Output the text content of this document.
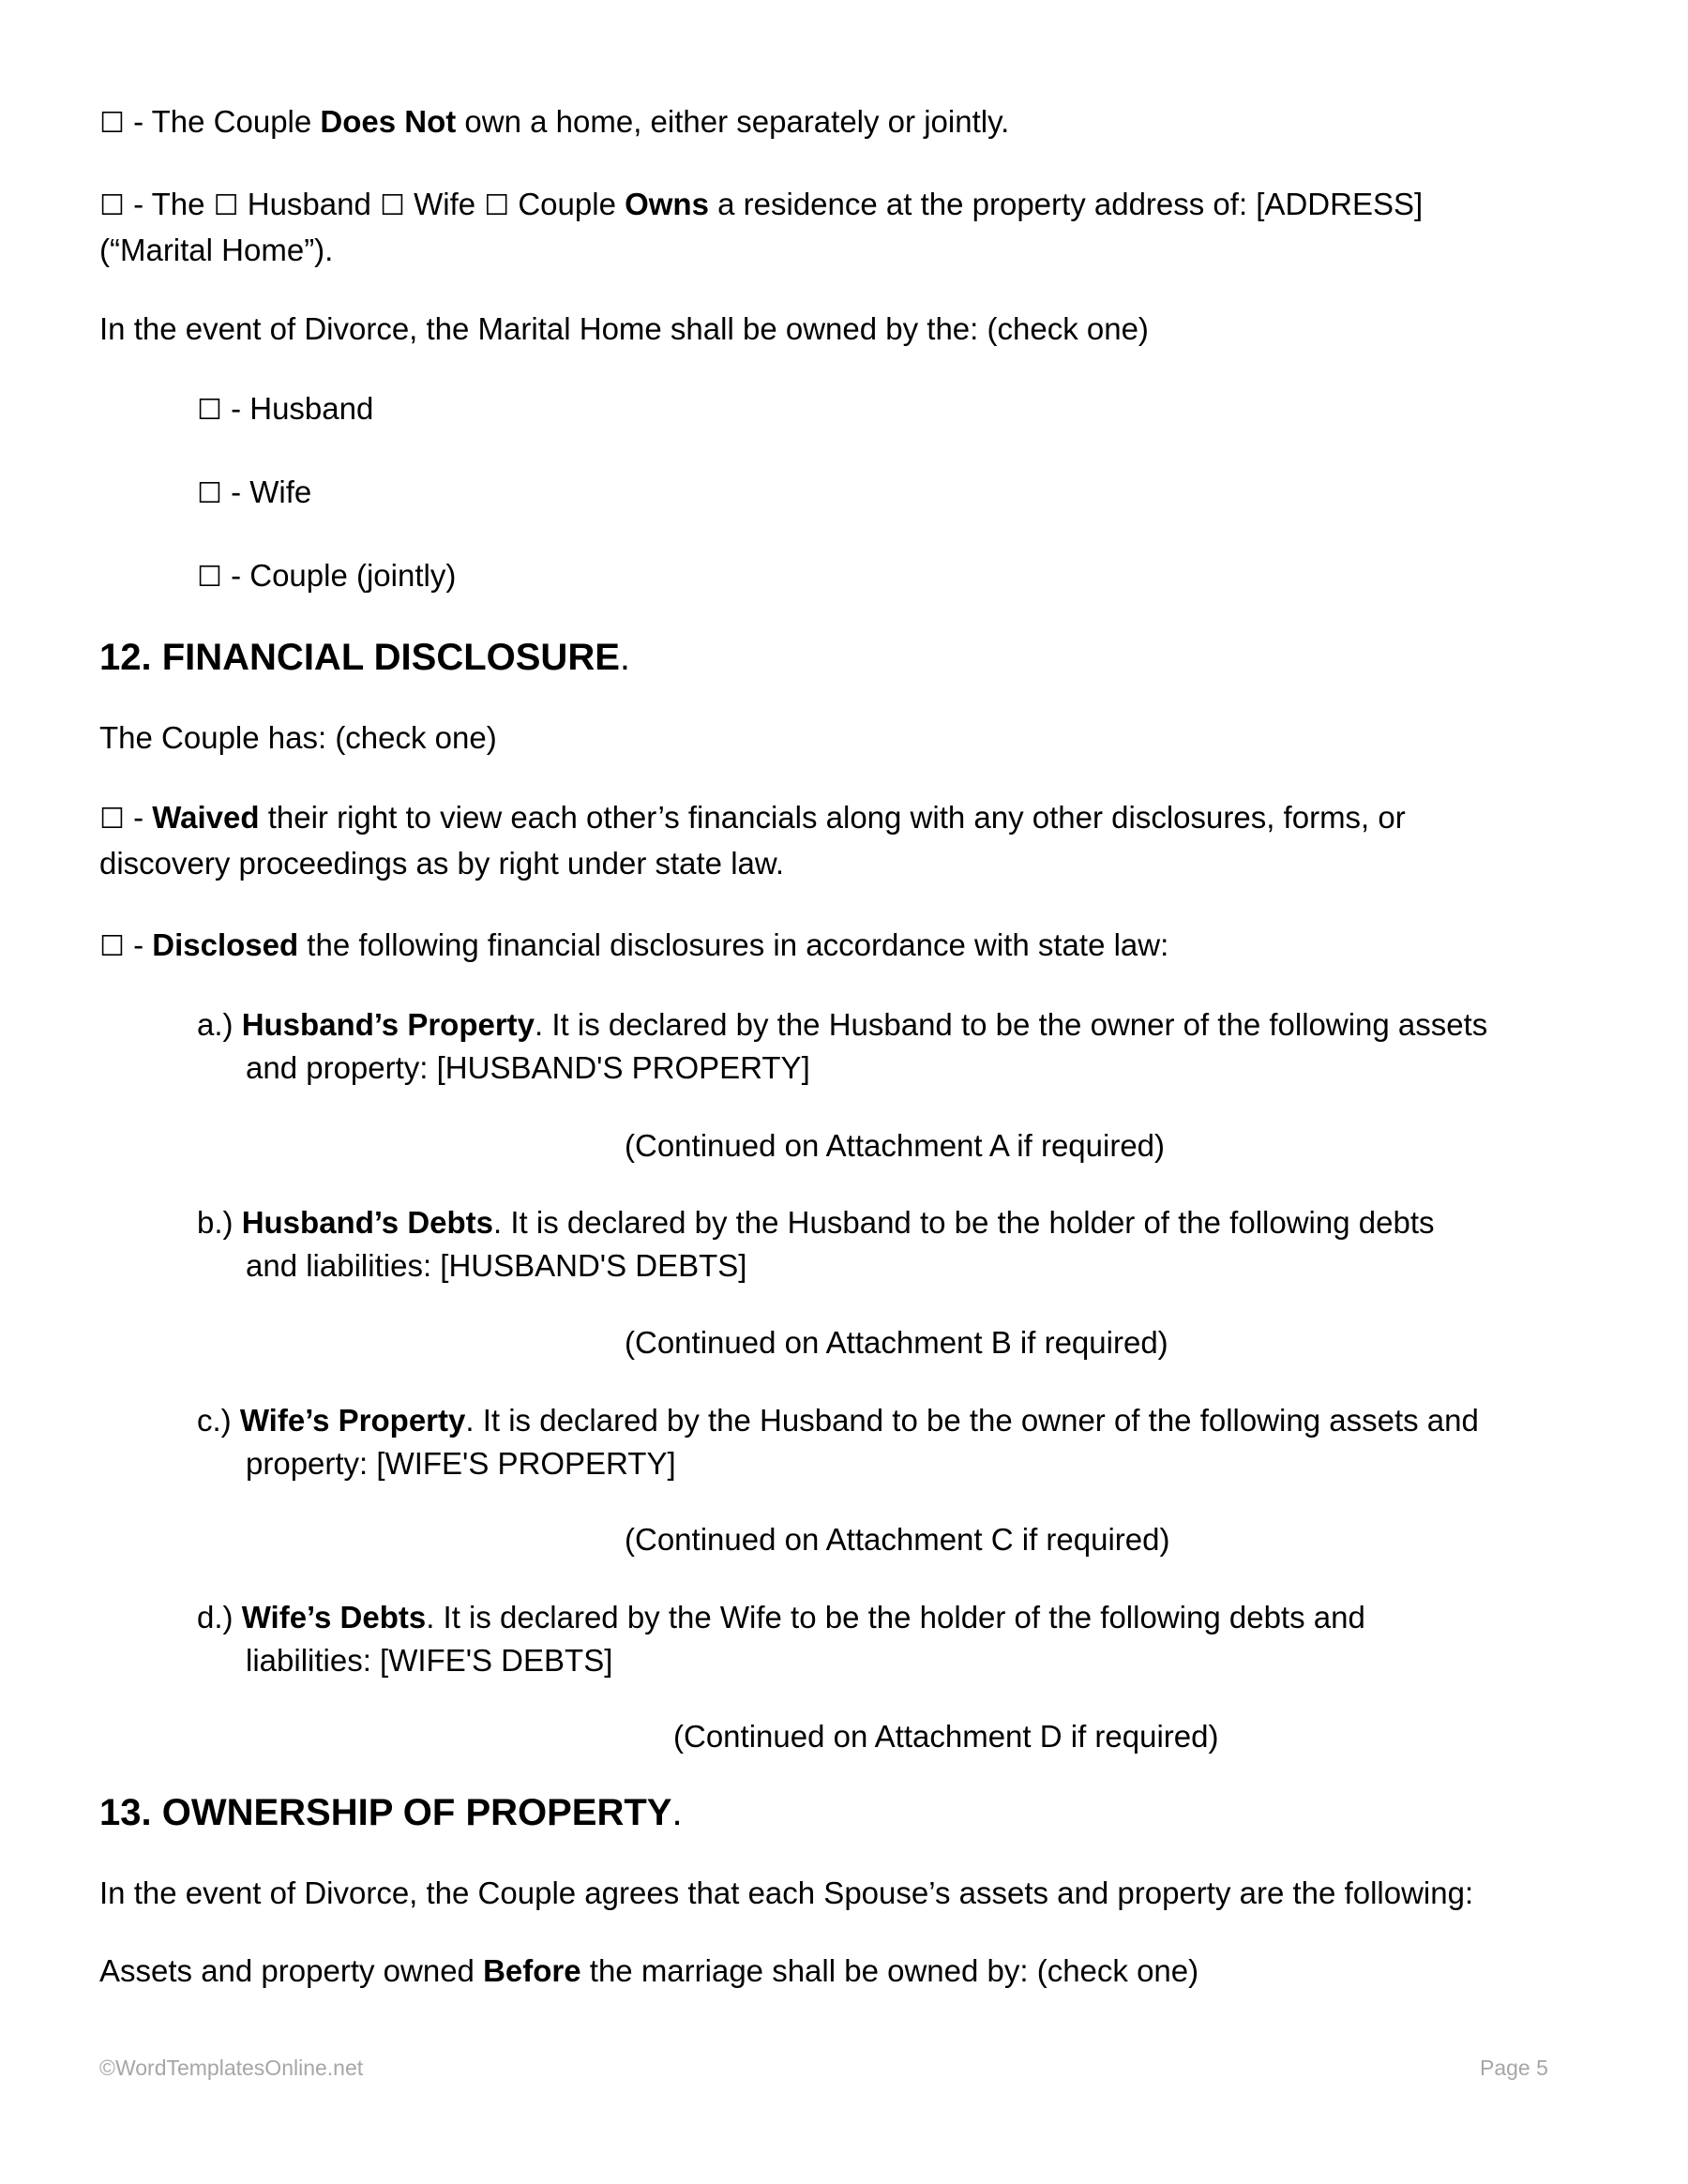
☐ - The Couple Does Not own a home, either separately or jointly.

☐ - The ☐ Husband ☐ Wife ☐ Couple Owns a residence at the property address of: [ADDRESS]

(“Marital Home”).

In the event of Divorce, the Marital Home shall be owned by the: (check one)

☐ - Husband

☐ - Wife

☐ - Couple (jointly)

12. FINANCIAL DISCLOSURE.

The Couple has: (check one)

☐ - Waived their right to view each other’s financials along with any other disclosures, forms, or

discovery proceedings as by right under state law.

☐ - Disclosed the following financial disclosures in accordance with state law:

a.) Husband’s Property. It is declared by the Husband to be the owner of the following assets

and property: [HUSBAND'S PROPERTY]

(Continued on Attachment A if required)

b.) Husband’s Debts. It is declared by the Husband to be the holder of the following debts

and liabilities: [HUSBAND'S DEBTS]

(Continued on Attachment B if required)

c.) Wife’s Property. It is declared by the Husband to be the owner of the following assets and

property: [WIFE'S PROPERTY]

(Continued on Attachment C if required)

d.) Wife’s Debts. It is declared by the Wife to be the holder of the following debts and

liabilities: [WIFE'S DEBTS]

(Continued on Attachment D if required)
13. OWNERSHIP OF PROPERTY.

In the event of Divorce, the Couple agrees that each Spouse’s assets and property are the following:

Assets and property owned Before the marriage shall be owned by: (check one)

©WordTemplatesOnline.net	Page 5
